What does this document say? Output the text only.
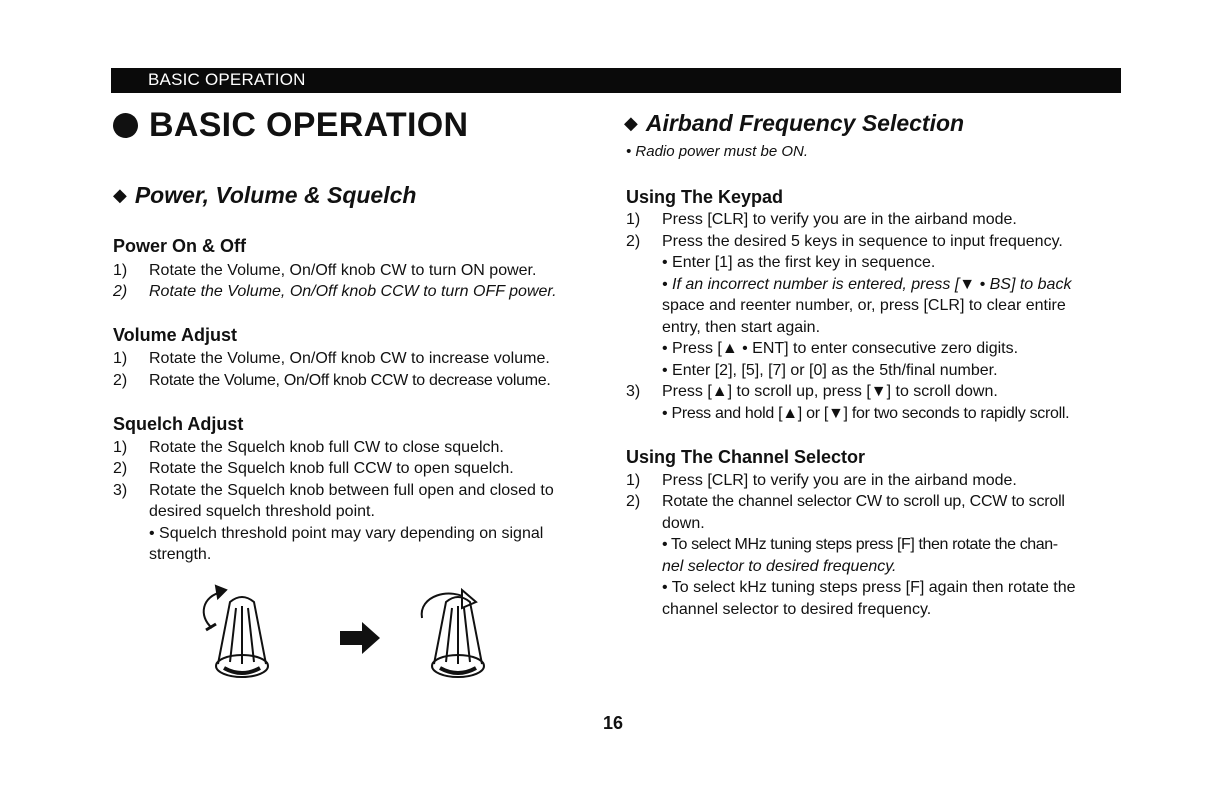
BASIC OPERATION
BASIC OPERATION
◆ Power, Volume & Squelch
Power On & Off
1) Rotate the Volume, On/Off knob CW to turn ON power.
2) Rotate the Volume, On/Off knob CCW to turn OFF power.
Volume Adjust
1) Rotate the Volume, On/Off knob CW to increase volume.
2) Rotate the Volume, On/Off knob CCW to decrease volume.
Squelch Adjust
1) Rotate the Squelch knob full CW to close squelch.
2) Rotate the Squelch knob full CCW to open squelch.
3) Rotate the Squelch knob between full open and closed to
desired squelch threshold point.
• Squelch threshold point may vary depending on signal
strength.
◆ Airband Frequency Selection
• Radio power must be ON.
Using The Keypad
1) Press [CLR] to verify you are in the airband mode.
2) Press the desired 5 keys in sequence to input frequency.
• Enter [1] as the first key in sequence.
• If an incorrect number is entered, press [▼ • BS] to back
space and reenter number, or, press [CLR] to clear entire
entry, then start again.
• Press [▲ • ENT] to enter consecutive zero digits.
• Enter [2], [5], [7] or [0] as the 5th/final number.
3) Press [▲] to scroll up, press [▼] to scroll down.
• Press and hold [▲] or [▼] for two seconds to rapidly scroll.
Using The Channel Selector
1) Press [CLR] to verify you are in the airband mode.
2) Rotate the channel selector CW to scroll up, CCW to scroll
down.
• To select MHz tuning steps press [F] then rotate the chan-
nel selector to desired frequency.
• To select kHz tuning steps press [F] again then rotate the
channel selector to desired frequency.
16
